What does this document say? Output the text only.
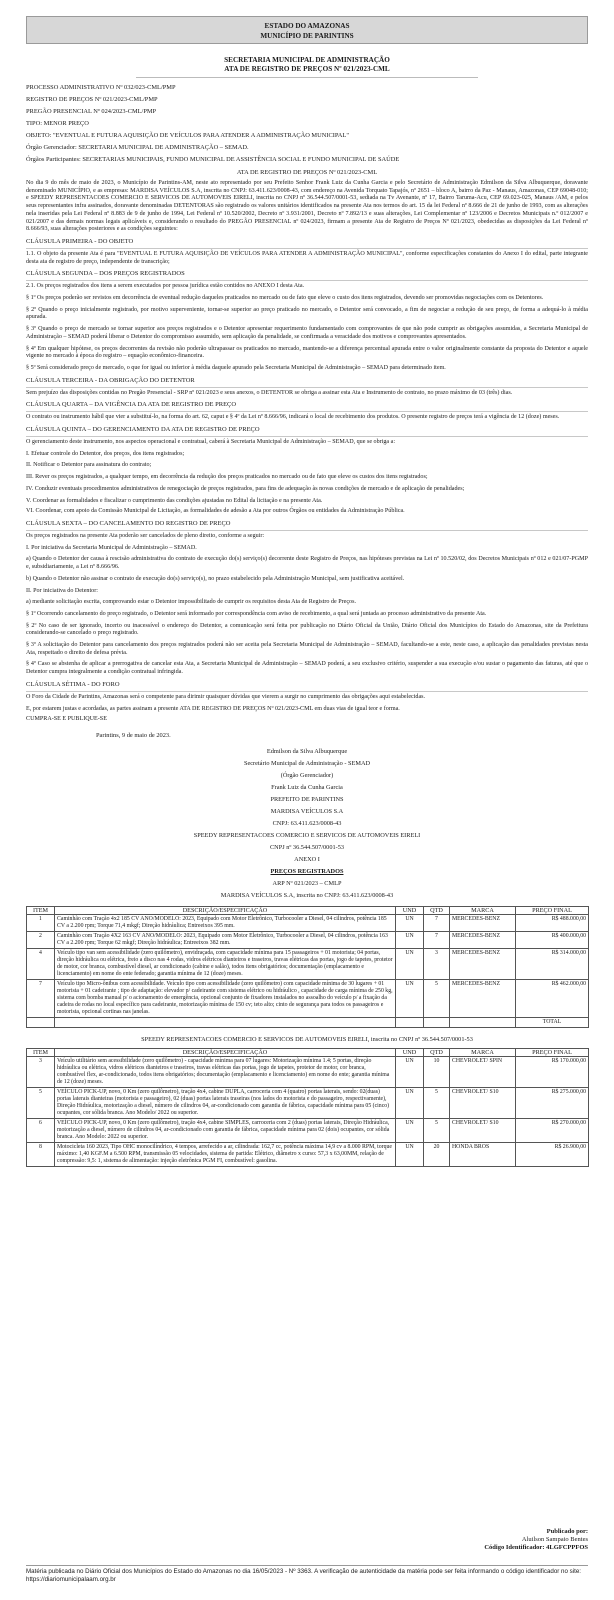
ESTADO DO AMAZONAS
MUNICÍPIO DE PARINTINS
SECRETARIA MUNICIPAL DE ADMINISTRAÇÃO
ATA DE REGISTRO DE PREÇOS Nº 021/2023-CML
PROCESSO ADMINISTRATIVO Nº 032/023-CML/PMP
REGISTRO DE PREÇOS Nº 021/2023-CML/PMP
PREGÃO PRESENCIAL Nº 024/2023-CML/PMP
TIPO: MENOR PREÇO
OBJETO: "EVENTUAL E FUTURA AQUISIÇÃO DE VEÍCULOS PARA ATENDER A ADMINISTRAÇÃO MUNICIPAL"
Órgão Gerenciador: SECRETARIA MUNICIPAL DE ADMINISTRAÇÃO – SEMAD.
Órgãos Participantes: SECRETARIAS MUNICIPAIS, FUNDO MUNICIPAL DE ASSISTÊNCIA SOCIAL E FUNDO MUNICIPAL DE SAÚDE
ATA DE REGISTRO DE PREÇOS Nº 021/2023-CML
No dia 9 do mês de maio de 2023, o Município de Parintins-AM, neste ato representado por seu Prefeito Senhor Frank Luiz da Cunha Garcia e pelo Secretário de Administração Edmilson da Silva Albuquerque, doravante denominado MUNICÍPIO, e as empresas: MARDISA VEÍCULOS S.A, inscrita no CNPJ: 63.411.623/0008-43, com endereço na Avenida Torquato Tapajós, nº 2651 – bloco A, bairro da Paz - Manaus, Amazonas, CEP 69048-010; e SPEEDY REPRESENTACOES COMERCIO E SERVICOS DE AUTOMOVEIS EIRELI, inscrita no CNPJ nº 36.544.507/0001-53, sediada na Tv Avenante, nº 17, Bairro Taruma-Acu, CEP 69.023-025, Manaus /AM, e pelos seus representantes infra assinados, doravante denominadas DETENTORAS são registrado os valores unitários identificados na presente Ata nos termos do art. 15 da lei Federal nº 8.666 de 21 de junho de 1993, com as alterações nela inseridas pela Lei Federal nº 8.883 de 9 de junho de 1994, Lei Federal nº 10.520/2002, Decreto nº 3.931/2001, Decreto nº 7.892/13 e suas alterações, Lei Complementar nº 123/2006 e Decretos Municipais n.º 012/2007 e 021/2007 e das demais normas legais aplicáveis e, considerando o resultado do PREGÃO PRESENCIAL nº 024/2023, firmam a presente Ata de Registro de Preços Nº 021/2023, obedecidas as disposições da Lei Federal nº 8.666/93, suas alterações posteriores e as condições seguintes:
CLÁUSULA PRIMEIRA - DO OBJETO
1.1. O objeto da presente Ata é para "EVENTUAL E FUTURA AQUISIÇÃO DE VEÍCULOS PARA ATENDER A ADMINISTRAÇÃO MUNICIPAL", conforme especificações constantes do Anexo I do edital, parte integrante desta ata de registro de preço, independente de transcrição;
CLÁUSULA SEGUNDA – DOS PREÇOS REGISTRADOS
2.1. Os preços registrados dos itens a serem executados por pessoa jurídica estão contidos no ANEXO I desta Ata.
§ 1º Os preços poderão ser revistos em decorrência de eventual redução daqueles praticados no mercado ou de fato que eleve o custo dos itens registrados, devendo ser promovidas negociações com os Detentores.
§ 2º Quando o preço inicialmente registrado, por motivo superveniente, tornar-se superior ao preço praticado no mercado, o Detentor será convocado, a fim de negociar a redução de seu preço, de forma a adequá-lo à média apurada.
§ 3º Quando o preço de mercado se tornar superior aos preços registrados e o Detentor apresentar requerimento fundamentado com comprovantes de que não pode cumprir as obrigações assumidas, a Secretaria Municipal de Administração – SEMAD poderá liberar o Detentor do compromisso assumido, sem aplicação da penalidade, se confirmada a veracidade dos motivos e comprovantes apresentados.
§ 4º Em qualquer hipótese, os preços decorrentes da revisão não poderão ultrapassar os praticados no mercado, mantendo-se a diferença percentual apurada entre o valor originalmente constante da proposta do Detentor e aquele vigente no mercado à época do registro – equação econômico-financeira.
§ 5º Será considerado preço de mercado, o que for igual ou inferior à média daquele apurado pela Secretaria Municipal de Administração – SEMAD para determinado item.
CLÁUSULA TERCEIRA - DA OBRIGAÇÃO DO DETENTOR
Sem prejuízo das disposições contidas no Pregão Presencial - SRP nº 021/2023 e seus anexos, o DETENTOR se obriga a assinar esta Ata e Instrumento de contrato, no prazo máximo de 03 (três) dias.
CLÁUSULA QUARTA – DA VIGÊNCIA DA ATA DE REGISTRO DE PREÇO
O contrato ou instrumento hábil que vier a substituí-lo, na forma do art. 62, caput e § 4º da Lei nº 8.666/96, indicará o local de recebimento dos produtos. O presente registro de preços terá a vigência de 12 (doze) meses.
CLÁUSULA QUINTA – DO GERENCIAMENTO DA ATA DE REGISTRO DE PREÇO
O gerenciamento deste instrumento, nos aspectos operacional e contratual, caberá à Secretaria Municipal de Administração – SEMAD, que se obriga a:
I. Efetuar controle do Detentor, dos preços, dos itens registrados;
II. Notificar o Detentor para assinatura do contrato;
III. Rever os preços registrados, a qualquer tempo, em decorrência da redução dos preços praticados no mercado ou de fato que eleve os custos dos itens registrados;
IV. Conduzir eventuais procedimentos administrativos de renegociação de preços registrados, para fins de adequação às novas condições de mercado e de aplicação de penalidades;
V. Coordenar as formalidades e fiscalizar o cumprimento das condições ajustadas no Edital da licitação e na presente Ata.
VI. Coordenar, com apoio da Comissão Municipal de Licitação, as formalidades de adesão a Ata por outros Órgãos ou entidades da Administração Pública.
CLÁUSULA SEXTA – DO CANCELAMENTO DO REGISTRO DE PREÇO
Os preços registrados na presente Ata poderão ser cancelados de pleno direito, conforme a seguir:
I. Por iniciativa da Secretaria Municipal de Administração – SEMAD.
a) Quando o Detentor der causa à rescisão administrativa do contrato de execução do(s) serviço(s) decorrente deste Registro de Preços, nas hipóteses previstas na Lei nº 10.520/02, dos Decretos Municipais nº 012 e 021/07-PGMP e, subsidiariamente, a Lei nº 8.666/96.
b) Quando o Detentor não assinar o contrato de execução do(s) serviço(s), no prazo estabelecido pela Administração Municipal, sem justificativa aceitável.
II. Por iniciativa do Detentor:
a) mediante solicitação escrita, comprovando estar o Detentor impossibilitado de cumprir os requisitos desta Ata de Registro de Preços.
§ 1º Ocorrendo cancelamento do preço registrado, o Detentor será informado por correspondência com aviso de recebimento, a qual será juntada ao processo administrativo da presente Ata.
§ 2º No caso de ser ignorado, incerto ou inacessível o endereço do Detentor, a comunicação será feita por publicação no Diário Oficial da União, Diário Oficial dos Municípios do Estado do Amazonas, site da Prefeitura considerando-se cancelado o preço registrado.
§ 3º A solicitação do Detentor para cancelamento dos preços registrados poderá não ser aceita pela Secretaria Municipal de Administração – SEMAD, facultando-se a este, neste caso, a aplicação das penalidades previstas nesta Ata, respeitado o direito de defesa prévia.
§ 4º Caso se abstenha de aplicar a prerrogativa de cancelar esta Ata, a Secretaria Municipal de Administração – SEMAD poderá, a seu exclusivo critério, suspender a sua execução e/ou sustar o pagamento das faturas, até que o Detentor cumpra integralmente a condição contratual infringida.
CLÁUSULA SÉTIMA - DO FORO
O Foro da Cidade de Parintins, Amazonas será o competente para dirimir quaisquer dúvidas que vierem a surgir no cumprimento das obrigações aqui estabelecidas.
E, por estarem justas e acordadas, as partes assinam a presente ATA DE REGISTRO DE PREÇOS Nº 021/2023-CML em duas vias de igual teor e forma.
CUMPRA-SE E PUBLIQUE-SE
Parintins, 9 de maio de 2023.
Edmilson da Silva Albuquerque
Secretário Municipal de Administração - SEMAD
(Órgão Gerenciador)
Frank Luiz da Cunha Garcia
PREFEITO DE PARINTINS
MARDISA VEÍCULOS S.A
CNPJ: 63.411.623/0008-43
SPEEDY REPRESENTACOES COMERCIO E SERVICOS DE AUTOMOVEIS EIRELI
CNPJ nº 36.544.507/0001-53
ANEXO I
PREÇOS REGISTRADOS
ARP Nº 021/2023 – CMLP
MARDISA VEÍCULOS S.A, inscrita no CNPJ: 63.411.623/0008-43
ITEM	DESCRIÇÃO/ESPECIFICAÇÃO	UND	QTD	MARCA	PREÇO FINAL
1	Caminhão com Tração 4x2 185 CV ANO/MODELO: 2023, Equipado com Motor Eletrônico, Turbocooler a Diesel, 04 cilindros, potência 185 CV a 2.200 rpm; Torque 71,4 mkgf; Direção hidráulica; Entreeixos 395 mm.	UN	7	MERCEDES-BENZ	R$ 488.000,00
2	Caminhão com Tração 4X2 163 CV ANO/MODELO: 2023, Equipado com Motor Eletrônico, Turbocooler a Diesel, 04 cilindros, potência 163 CV a 2.200 rpm; Torque 62 mkgf; Direção hidráulica; Entreeixos 382 mm.	UN	7	MERCEDES-BENZ	R$ 400.000,00
4	Veículo tipo van sem acessibilidade (zero quilômetro), envidraçada, com capacidade mínima para 15 passageiros + 01 motorista; 04 portas, direção hidráulica ou elétrica, freio a disco nas 4 rodas, vidros elétricos dianteiros e traseiros, travas elétricas das portas, jogo de tapetes, protetor de motor, cor branca, combustível diesel, ar condicionado (cabine e salão), todos itens obrigatórios; documentação (emplacamento e licenciamento) em nome do ente federado; garantia mínima de 12 (doze) meses.	UN	3	MERCEDES-BENZ	R$ 314.000,00
7	Veículo tipo Micro-ônibus com acessibilidade. Veículo tipo com acessibilidade (zero quilômetro) com capacidade mínima de 30 lugares + 01 motorista + 01 cadeirante ; tipo de adaptação: elevador p/ cadeirante com sistema elétrico ou hidráulico , capacidade de carga mínima de 250 kg, sistema com bomba manual p/ o acionamento de emergência, opcional conjunto de fixadores instalados no assoalho do veículo p/ a fixação da cadeira de rodas no local específico para cadeirante, motorização mínima de 150 cv; teto alto; cinto de segurança para todos os passageiros e motorista, opcional cortinas nas janelas.	UN	5	MERCEDES-BENZ	R$ 462.000,00
					TOTAL
SPEEDY REPRESENTACOES COMERCIO E SERVICOS DE AUTOMOVEIS EIRELI, inscrita no CNPJ nº 36.544.507/0001-53
ITEM	DESCRIÇÃO/ESPECIFICAÇÃO	UND	QTD	MARCA	PREÇO FINAL
3	Veículo utilitário sem acessibilidade (zero quilômetro) - capacidade mínima para 07 lugares: Motorização mínima 1.4; 5 portas, direção hidráulica ou elétrica, vidros elétricos dianteiros e traseiros, travas elétricas das portas, jogo de tapetes, protetor de motor, cor branca, combustível flex, ar-condicionado, todos itens obrigatórios; documentação (emplacamento e licenciamento) em nome do ente; garantia mínima de 12 (doze) meses.	UN	10	CHEVROLET/ SPIN	R$ 170.000,00
5	VEÍCULO PICK-UP, novo, 0 Km (zero quilômetro), tração 4x4, cabine DUPLA, carroceria com 4 (quatro) portas laterais, sendo: 02(duas) portas laterais dianteiras (motorista e passageiro), 02 (duas) portas laterais traseiras (nos lados do motorista e do passageiro, respectivamente), Direção Hidráulica, motorização a diesel, número de cilindros 04, ar-condicionado com garantia de fábrica, capacidade mínima para 05 (cinco) ocupantes, cor sólida branca. Ano Modelo/ 2022 ou superior.	UN	5	CHEVROLET/ S10	R$ 275.000,00
6	VEÍCULO PICK-UP, novo, 0 Km (zero quilômetro), tração 4x4, cabine SIMPLES, carroceria com 2 (duas) portas laterais, Direção Hidráulica, motorização a diesel, número de cilindros 04, ar-condicionado com garantia de fábrica, capacidade mínima para 02 (dois) ocupantes, cor sólida branca. Ano Modelo: 2022 ou superior.	UN	5	CHEVROLET/ S10	R$ 270.000,00
8	Motocicleta 160 2023, Tipo OHC monocilíndrico, 4 tempos, arrefecido a ar, cilindrada: 162,7 cc, potência máxima 14,9 cv a 8.000 RPM, torque máximo: 1,40 KGF.M a 6.500 RPM, transmissão 05 velocidades, sistema de partida: Elétrico, diâmetro x curso: 57,3 x 63,00MM, relação de compressão: 9,5: 1, sistema de alimentação: injeção eletrônica PGM FI, combustível: gasolina.	UN	20	HONDA BROS	R$ 26.900,00
Publicado por:
Aluilson Sampaio Bentes
Código Identificador: 4LGFCPPFOS
Matéria publicada no Diário Oficial dos Municípios do Estado do Amazonas no dia 16/05/2023 - Nº 3363. A verificação de autenticidade da matéria pode ser feita informando o código identificador no site: https://diariomunicipalaam.org.br
